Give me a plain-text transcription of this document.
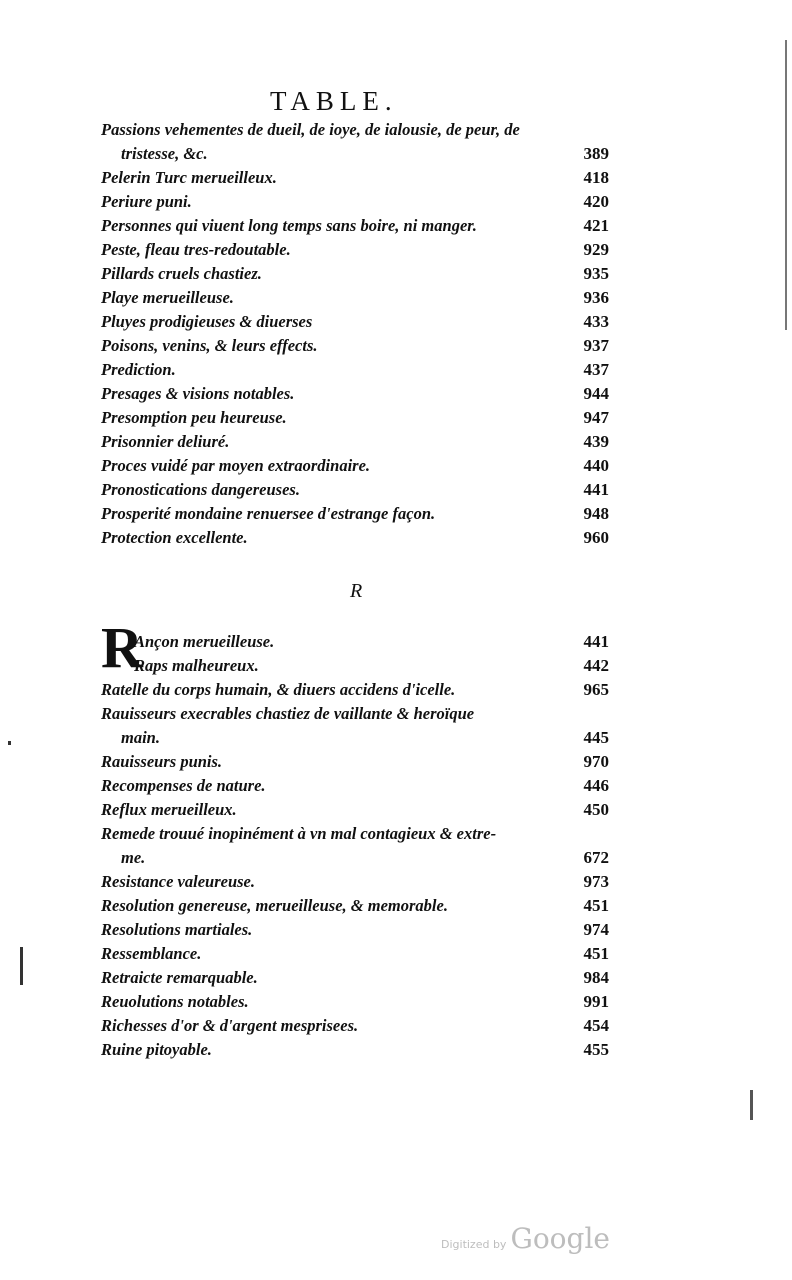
TABLE.
Passions vehementes de dueil, de ioye, de ialousie, de peur, de
tristesse, &c.	389
Pelerin Turc merueilleux.	418
Periure puni.	420
Personnes qui viuent long temps sans boire, ni manger.	421
Peste, fleau tres-redoutable.	929
Pillards cruels chastiez.	935
Playe merueilleuse.	936
Pluyes prodigieuses & diuerses	433
Poisons, venins, & leurs effects.	937
Prediction.	437
Presages & visions notables.	944
Presomption peu heureuse.	947
Prisonnier deliuré.	439
Proces vuidé par moyen extraordinaire.	440
Pronostications dangereuses.	441
Prosperité mondaine renuersee d'estrange façon.	948
Protection excellente.	960
R
R
Ançon merueilleuse.	441
Raps malheureux.	442
Ratelle du corps humain, & diuers accidens d'icelle.	965
Rauisseurs execrables chastiez de vaillante & heroïque
main.	445
Rauisseurs punis.	970
Recompenses de nature.	446
Reflux merueilleux.	450
Remede trouué inopinément à vn mal contagieux & extre-
me.	672
Resistance valeureuse.	973
Resolution genereuse, merueilleuse, & memorable.	451
Resolutions martiales.	974
Ressemblance.	451
Retraicte remarquable.	984
Reuolutions notables.	991
Richesses d'or & d'argent mesprisees.	454
Ruine pitoyable.	455
Digitized by Google
